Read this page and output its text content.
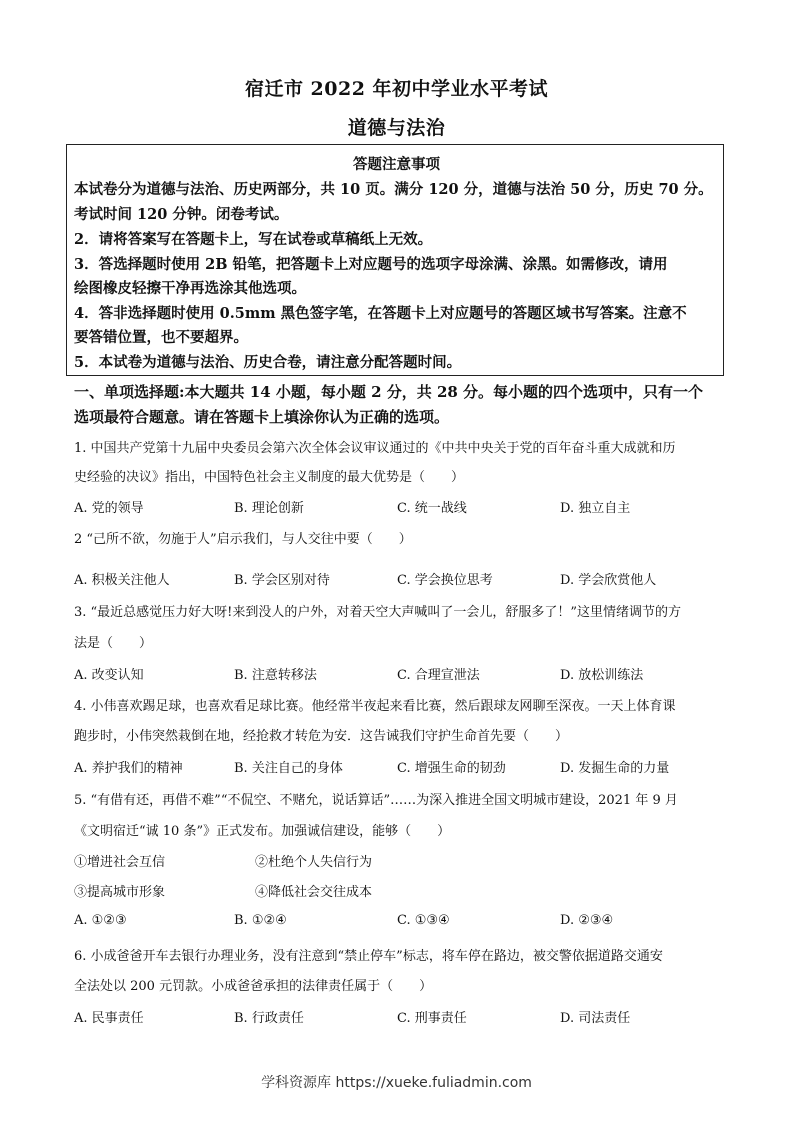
宿迁市 2022 年初中学业水平考试
道德与法治
答题注意事项
本试卷分为道德与法治、历史两部分，共 10 页。满分 120 分，道德与法治 50 分，历史 70 分。
考试时间 120 分钟。闭卷考试。
2．请将答案写在答题卡上，写在试卷或草稿纸上无效。
3．答选择题时使用 2B 铅笔，把答题卡上对应题号的选项字母涂满、涂黑。如需修改，请用
绘图橡皮轻擦干净再选涂其他选项。
4．答非选择题时使用 0.5mm 黑色签字笔，在答题卡上对应题号的答题区域书写答案。注意不
要答错位置，也不要超界。
5．本试卷为道德与法治、历史合卷，请注意分配答题时间。
一、单项选择题:本大题共 14 小题，每小题 2 分，共 28 分。每小题的四个选项中，只有一个
选项最符合题意。请在答题卡上填涂你认为正确的选项。
1. 中国共产党第十九届中央委员会第六次全体会议审议通过的《中共中央关于党的百年奋斗重大成就和历
史经验的决议》指出，中国特色社会主义制度的最大优势是（　　）
A. 党的领导	B. 理论创新	C. 统一战线	D. 独立自主
2 “己所不欲，勿施于人”启示我们，与人交往中要（　　）
A. 积极关注他人	B. 学会区别对待	C. 学会换位思考	D. 学会欣赏他人
3. “最近总感觉压力好大呀!来到没人的户外，对着天空大声喊叫了一会儿，舒服多了！”这里情绪调节的方
法是（　　）
A. 改变认知	B. 注意转移法	C. 合理宣泄法	D. 放松训练法
4. 小伟喜欢踢足球，也喜欢看足球比赛。他经常半夜起来看比赛，然后跟球友网聊至深夜。一天上体育课
跑步时，小伟突然栽倒在地，经抢救才转危为安．这告诫我们守护生命首先要（　　）
A. 养护我们的精神	B. 关注自己的身体	C. 增强生命的韧劲	D. 发掘生命的力量
5. “有借有还，再借不难”“不侃空、不赌允，说话算话”……为深入推进全国文明城市建设，2021 年 9 月
《文明宿迁“诚 10 条”》正式发布。加强诚信建设，能够（　　）
①增进社会互信	②杜绝个人失信行为
③提高城市形象	④降低社会交往成本
A. ①②③	B. ①②④	C. ①③④	D. ②③④
6. 小成爸爸开车去银行办理业务，没有注意到“禁止停车”标志，将车停在路边，被交警依据道路交通安
全法处以 200 元罚款。小成爸爸承担的法律责任属于（　　）
A. 民事责任	B. 行政责任	C. 刑事责任	D. 司法责任
学科资源库 https://xueke.fuliadmin.com
